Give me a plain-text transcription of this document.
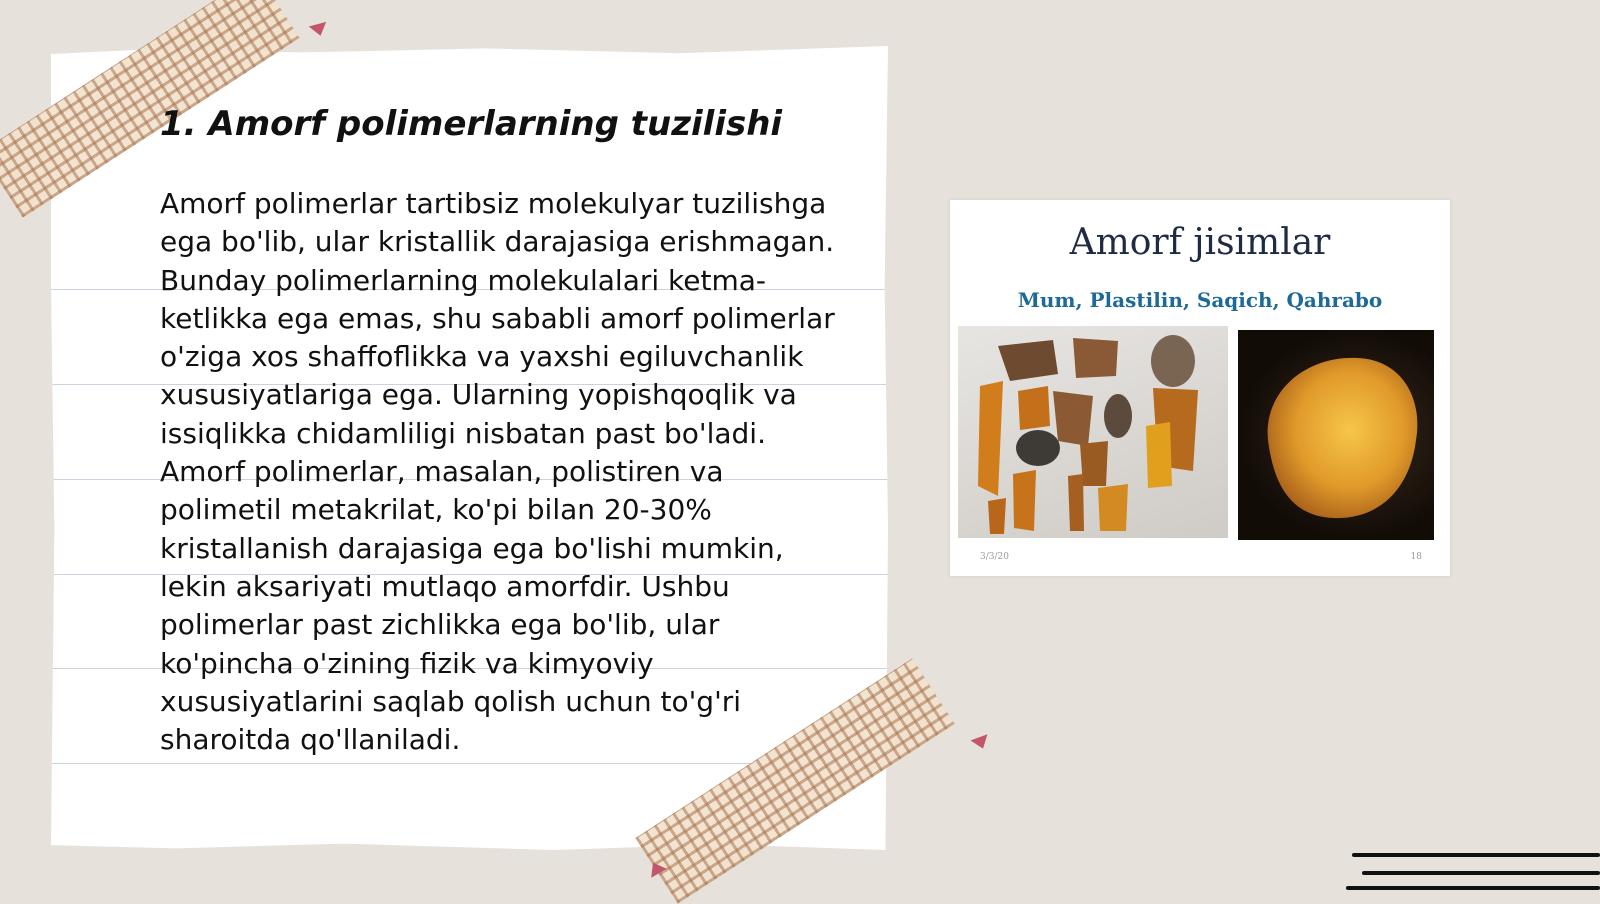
1. Amorf polimerlarning tuzilishi

Amorf polimerlar tartibsiz molekulyar tuzilishga ega bo'lib, ular kristallik darajasiga erishmagan. Bunday polimerlarning molekulalari ketma-ketlikka ega emas, shu sababli amorf polimerlar o'ziga xos shaffoflikka va yaxshi egiluvchanlik xususiyatlariga ega. Ularning yopishqoqlik va issiqlikka chidamliligi nisbatan past bo'ladi. Amorf polimerlar, masalan, polistiren va polimetil metakrilat, ko'pi bilan 20-30% kristallanish darajasiga ega bo'lishi mumkin, lekin aksariyati mutlaqo amorfdir. Ushbu polimerlar past zichlikka ega bo'lib, ular ko'pincha o'zining fizik va kimyoviy xususiyatlarini saqlab qolish uchun to'g'ri sharoitda qo'llaniladi.

Amorf jisimlar
Mum, Plastilin, Saqich, Qahrabo
3/3/20	18
